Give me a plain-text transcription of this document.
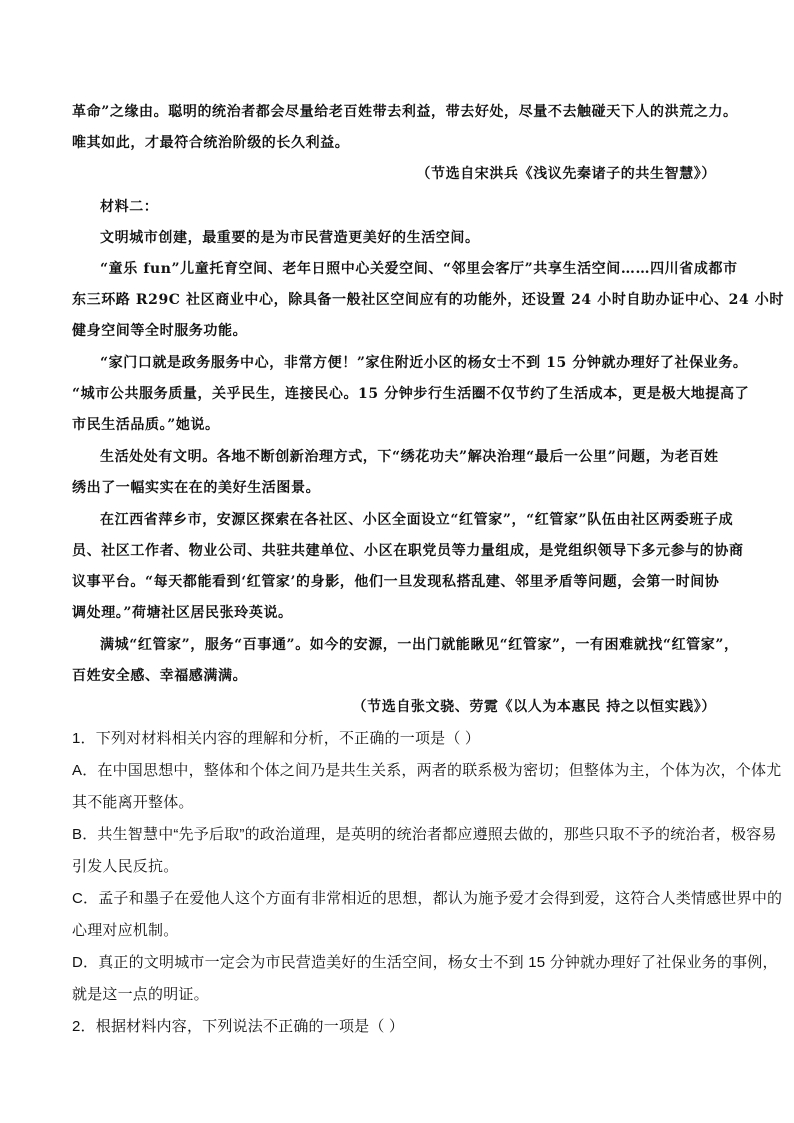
革命”之缘由。聪明的统治者都会尽量给老百姓带去利益，带去好处，尽量不去触碰天下人的洪荒之力。
唯其如此，才最符合统治阶级的长久利益。
（节选自宋洪兵《浅议先秦诸子的共生智慧》）
材料二：
文明城市创建，最重要的是为市民营造更美好的生活空间。
“童乐 fun”儿童托育空间、老年日照中心关爱空间、“邻里会客厅”共享生活空间……四川省成都市
东三环路 R29C 社区商业中心，除具备一般社区空间应有的功能外，还设置 24 小时自助办证中心、24 小时
健身空间等全时服务功能。
“家门口就是政务服务中心，非常方便！”家住附近小区的杨女士不到 15 分钟就办理好了社保业务。
“城市公共服务质量，关乎民生，连接民心。15 分钟步行生活圈不仅节约了生活成本，更是极大地提高了
市民生活品质。”她说。
生活处处有文明。各地不断创新治理方式，下“绣花功夫”解决治理“最后一公里”问题，为老百姓
绣出了一幅实实在在的美好生活图景。
在江西省萍乡市，安源区探索在各社区、小区全面设立“红管家”，“红管家”队伍由社区两委班子成
员、社区工作者、物业公司、共驻共建单位、小区在职党员等力量组成，是党组织领导下多元参与的协商
议事平台。“每天都能看到‘红管家’的身影，他们一旦发现私搭乱建、邻里矛盾等问题，会第一时间协
调处理。”荷塘社区居民张玲英说。
满城“红管家”，服务“百事通”。如今的安源，一出门就能瞅见“红管家”，一有困难就找“红管家”，
百姓安全感、幸福感满满。
（节选自张文骁、劳霓《以人为本惠民 持之以恒实践》）
1．下列对材料相关内容的理解和分析，不正确的一项是（ ）
A．在中国思想中，整体和个体之间乃是共生关系，两者的联系极为密切；但整体为主，个体为次，个体尤
其不能离开整体。
B．共生智慧中“先予后取”的政治道理，是英明的统治者都应遵照去做的，那些只取不予的统治者，极容易
引发人民反抗。
C．孟子和墨子在爱他人这个方面有非常相近的思想，都认为施予爱才会得到爱，这符合人类情感世界中的
心理对应机制。
D．真正的文明城市一定会为市民营造美好的生活空间，杨女士不到 15 分钟就办理好了社保业务的事例，
就是这一点的明证。
2．根据材料内容，下列说法不正确的一项是（ ）
